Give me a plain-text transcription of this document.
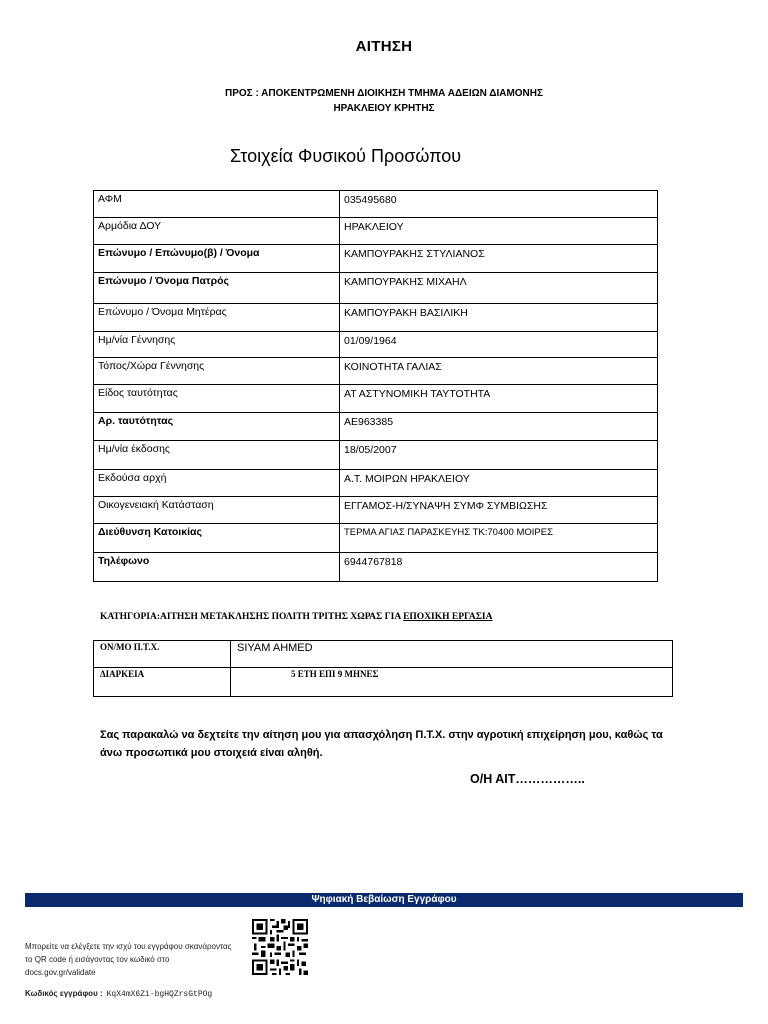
ΑΙΤΗΣΗ
ΠΡΟΣ : ΑΠΟΚΕΝΤΡΩΜΕΝΗ ΔΙΟΙΚΗΣΗ ΤΜΗΜΑ ΑΔΕΙΩΝ ΔΙΑΜΟΝΗΣ
ΗΡΑΚΛΕΙΟΥ ΚΡΗΤΗΣ
Στοιχεία Φυσικού Προσώπου
ΑΦΜ	035495680
Αρμόδια ΔΟΥ	ΗΡΑΚΛΕΙΟΥ
Επώνυμο / Επώνυμο(β) / Όνομα	ΚΑΜΠΟΥΡΑΚΗΣ ΣΤΥΛΙΑΝΟΣ
Επώνυμο / Όνομα Πατρός	ΚΑΜΠΟΥΡΑΚΗΣ ΜΙΧΑΗΛ
Επώνυμο / Όνομα Μητέρας	ΚΑΜΠΟΥΡΑΚΗ ΒΑΣΙΛΙΚΗ
Ημ/νία Γέννησης	01/09/1964
Τόπος/Χώρα Γέννησης	ΚΟΙΝΟΤΗΤΑ ΓΑΛΙΑΣ
Είδος ταυτότητας	ΑΤ ΑΣΤΥΝΟΜΙΚΗ ΤΑΥΤΟΤΗΤΑ
Αρ. ταυτότητας	ΑΕ963385
Ημ/νία έκδοσης	18/05/2007
Εκδούσα αρχή	Α.Τ. ΜΟΙΡΩΝ ΗΡΑΚΛΕΙΟΥ
Οικογενειακή Κατάσταση	ΕΓΓΑΜΟΣ-Η/ΣΥΝΑΨΗ ΣΥΜΦ ΣΥΜΒΙΩΣΗΣ
Διεύθυνση Κατοικίας	ΤΕΡΜΑ ΑΓΙΑΣ ΠΑΡΑΣΚΕΥΗΣ ΤΚ:70400 ΜΟΙΡΕΣ
Τηλέφωνο	6944767818
ΚΑΤΗΓΟΡΙΑ:ΑΙΤΗΣΗ ΜΕΤΑΚΛΗΣΗΣ ΠΟΛΙΤΗ ΤΡΙΤΗΣ ΧΩΡΑΣ ΓΙΑ ΕΠΟΧΙΚΗ ΕΡΓΑΣΙΑ
ΟΝ/ΜΟ Π.Τ.Χ.	SIYAM AHMED
ΔΙΑΡΚΕΙΑ	5 ΕΤΗ ΕΠΙ 9 ΜΗΝΕΣ
Σας παρακαλώ να δεχτείτε την αίτηση μου για απασχόληση Π.Τ.Χ. στην αγροτική επιχείρηση μου, καθώς τα άνω προσωπικά μου στοιχειά είναι αληθή.
Ο/Η ΑΙΤ……………..
Ψηφιακή Βεβαίωση Εγγράφου
Μπορείτε να ελέγξετε την ισχύ του εγγράφου σκανάροντας το QR code ή εισάγοντας τον κωδικό στο docs.gov.gr/validate
Κωδικός εγγράφου : KqX4mX6Zi-bgHQZrsGtPOg
